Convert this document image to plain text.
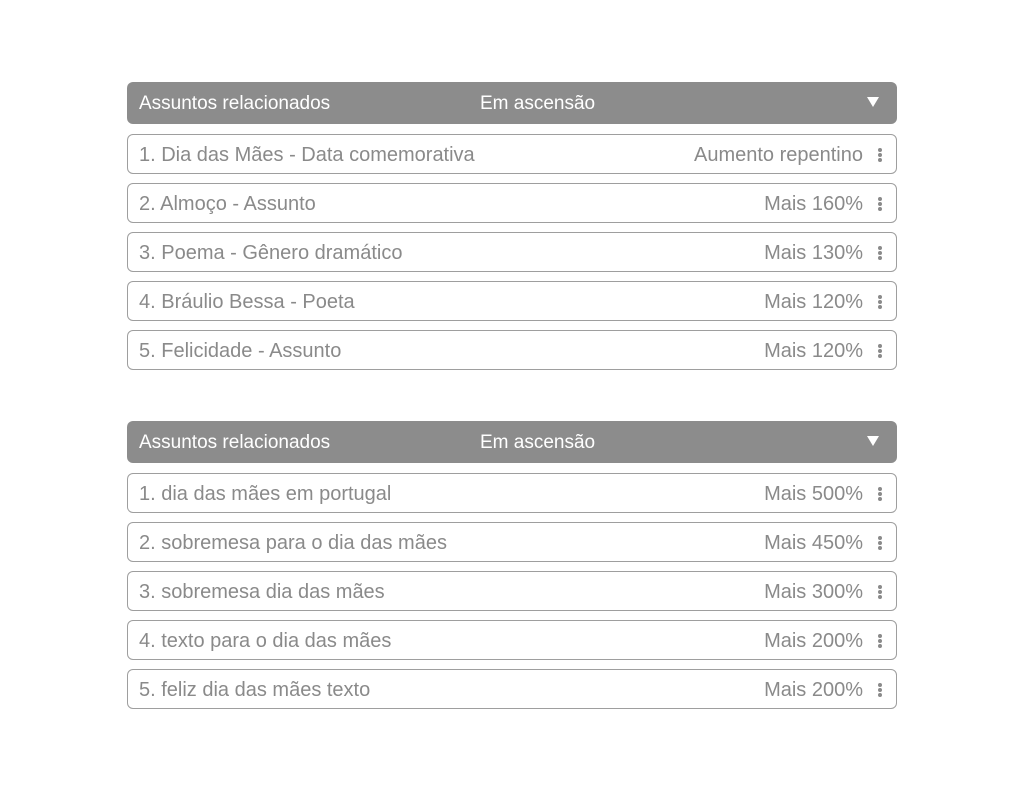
Assuntos relacionados	Em ascensão
1. Dia das Mães - Data comemorativa	Aumento repentino
2. Almoço - Assunto	Mais 160%
3. Poema - Gênero dramático	Mais 130%
4. Bráulio Bessa - Poeta	Mais 120%
5. Felicidade - Assunto	Mais 120%
Assuntos relacionados	Em ascensão
1. dia das mães em portugal	Mais 500%
2. sobremesa para o dia das mães	Mais 450%
3. sobremesa dia das mães	Mais 300%
4. texto para o dia das mães	Mais 200%
5. feliz dia das mães texto	Mais 200%
